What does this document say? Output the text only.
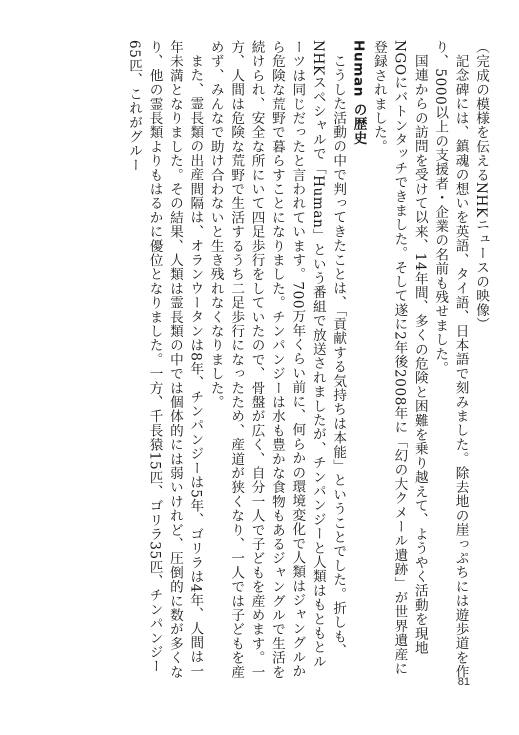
（完成の模様を伝えるNHKニュースの映像）

記念碑には、鎮魂の想いを英語、タイ語、日本語で刻みました。除去地の崖っぷちには遊歩道を作り、5000以上の支援者・企業の名前も残せました。

国連からの訪問を受けて以来、14年間、多くの危険と困難を乗り越えて、ようやく活動を現地NGOにバトンタッチできました。そして遂に2年後2008年に「幻の大クメール遺跡」が世界遺産に登録されました。

Human の歴史

こうした活動の中で判ってきたことは、「貢献する気持ちは本能」ということでした。折しも、NHKスペシャルで「Human」という番組で放送されましたが、チンパンジーと人類はもともとルーツは同じだったと言われています。700万年くらい前に、何らかの環境変化で人類はジャングルから危険な荒野で暮らすことになりました。チンパンジーは水も豊かな食物もあるジャングルで生活を続けられ、安全な所にいて四足歩行をしていたので、骨盤が広く、自分一人で子どもを産めます。一方、人間は危険な荒野で生活するうち二足歩行になったため、産道が狭くなり、一人では子どもを産めず、みんなで助け合わないと生き残れなくなりました。

また、霊長類の出産間隔は、オランウータンは8年、チンパンジーは5年、ゴリラは4年、人間は一年未満となりました。その結果、人類は霊長類の中では個体的には弱いけれど、圧倒的に数が多くなり、他の霊長類よりもはるかに優位となりました。一方、千長猿15匹、ゴリラ35匹、チンパンジー65匹、これがグルー

81
